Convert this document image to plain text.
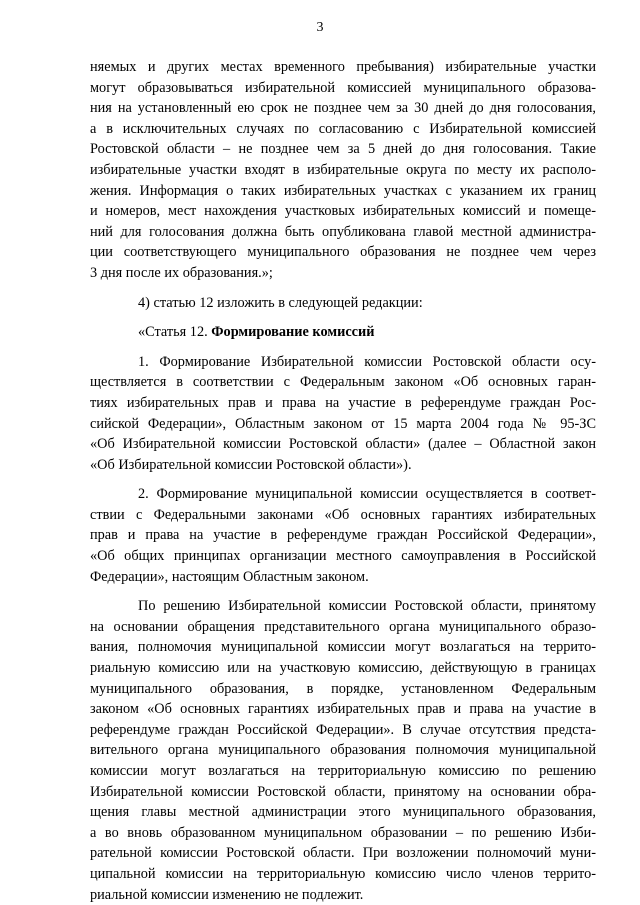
3
няемых и других местах временного пребывания) избирательные участки
могут образовываться избирательной комиссией муниципального образова-
ния на установленный ею срок не позднее чем за 30 дней до дня голосования,
а в исключительных случаях по согласованию с Избирательной комиссией
Ростовской области – не позднее чем за 5 дней до дня голосования. Такие
избирательные участки входят в избирательные округа по месту их располо-
жения. Информация о таких избирательных участках с указанием их границ
и номеров, мест нахождения участковых избирательных комиссий и помеще-
ний для голосования должна быть опубликована главой местной администра-
ции соответствующего муниципального образования не позднее чем через
3 дня после их образования.»;
4) статью 12 изложить в следующей редакции:
«Статья 12. Формирование комиссий
1. Формирование Избирательной комиссии Ростовской области осу-
ществляется в соответствии с Федеральным законом «Об основных гаран-
тиях избирательных прав и права на участие в референдуме граждан Рос-
сийской Федерации», Областным законом от 15 марта 2004 года № 95-ЗС
«Об Избирательной комиссии Ростовской области» (далее – Областной закон
«Об Избирательной комиссии Ростовской области»).
2. Формирование муниципальной комиссии осуществляется в соответ-
ствии с Федеральными законами «Об основных гарантиях избирательных
прав и права на участие в референдуме граждан Российской Федерации»,
«Об общих принципах организации местного самоуправления в Российской
Федерации», настоящим Областным законом.
По решению Избирательной комиссии Ростовской области, принятому
на основании обращения представительного органа муниципального образо-
вания, полномочия муниципальной комиссии могут возлагаться на террито-
риальную комиссию или на участковую комиссию, действующую в границах
муниципального образования, в порядке, установленном Федеральным
законом «Об основных гарантиях избирательных прав и права на участие в
референдуме граждан Российской Федерации». В случае отсутствия предста-
вительного органа муниципального образования полномочия муниципальной
комиссии могут возлагаться на территориальную комиссию по решению
Избирательной комиссии Ростовской области, принятому на основании обра-
щения главы местной администрации этого муниципального образования,
а во вновь образованном муниципальном образовании – по решению Изби-
рательной комиссии Ростовской области. При возложении полномочий муни-
ципальной комиссии на территориальную комиссию число членов террито-
риальной комиссии изменению не подлежит.
